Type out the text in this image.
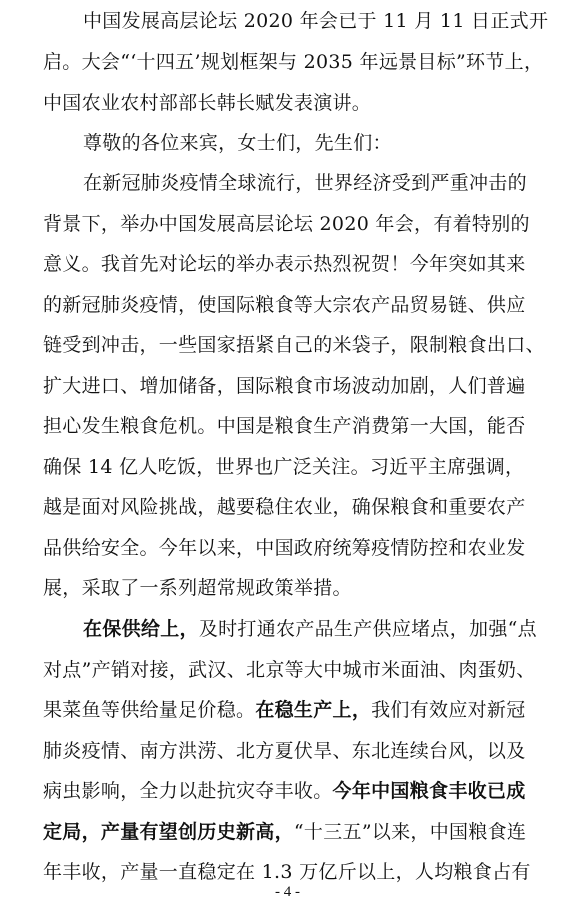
中国发展高层论坛 2020 年会已于 11 月 11 日正式开
启。大会“‘十四五’规划框架与 2035 年远景目标”环节上，
中国农业农村部部长韩长赋发表演讲。
尊敬的各位来宾，女士们，先生们：
在新冠肺炎疫情全球流行，世界经济受到严重冲击的
背景下，举办中国发展高层论坛 2020 年会，有着特别的
意义。我首先对论坛的举办表示热烈祝贺！今年突如其来
的新冠肺炎疫情，使国际粮食等大宗农产品贸易链、供应
链受到冲击，一些国家捂紧自己的米袋子，限制粮食出口、
扩大进口、增加储备，国际粮食市场波动加剧，人们普遍
担心发生粮食危机。中国是粮食生产消费第一大国，能否
确保 14 亿人吃饭，世界也广泛关注。习近平主席强调，
越是面对风险挑战，越要稳住农业，确保粮食和重要农产
品供给安全。今年以来，中国政府统筹疫情防控和农业发
展，采取了一系列超常规政策举措。
在保供给上，及时打通农产品生产供应堵点，加强“点
对点”产销对接，武汉、北京等大中城市米面油、肉蛋奶、
果菜鱼等供给量足价稳。在稳生产上，我们有效应对新冠
肺炎疫情、南方洪涝、北方夏伏旱、东北连续台风，以及
病虫影响，全力以赴抗灾夺丰收。今年中国粮食丰收已成
定局，产量有望创历史新高，“十三五”以来，中国粮食连
年丰收，产量一直稳定在 1.3 万亿斤以上，人均粮食占有
- 4 -
